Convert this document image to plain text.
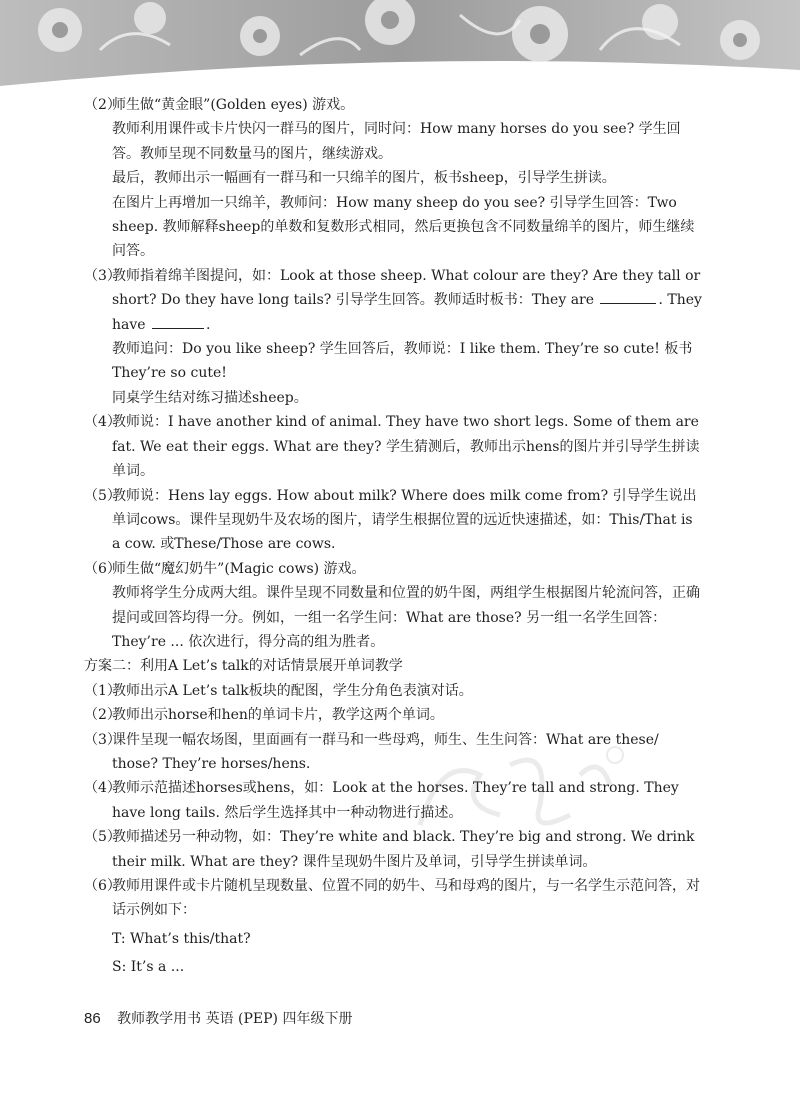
（2）
师生做“黄金眼”(Golden eyes) 游戏。
教师利用课件或卡片快闪一群马的图片，同时问：How many horses do you see? 学生回答。教师呈现不同数量马的图片，继续游戏。
最后，教师出示一幅画有一群马和一只绵羊的图片，板书sheep，引导学生拼读。
在图片上再增加一只绵羊，教师问：How many sheep do you see? 引导学生回答：Two sheep. 教师解释sheep的单数和复数形式相同，然后更换包含不同数量绵羊的图片，师生继续问答。
（3）
教师指着绵羊图提问，如：Look at those sheep. What colour are they? Are they tall or short? Do they have long tails? 引导学生回答。教师适时板书：They are	. They have	.
教师追问：Do you like sheep? 学生回答后，教师说：I like them. They’re so cute! 板书 They’re so cute!
同桌学生结对练习描述sheep。
（4）
教师说：I have another kind of animal. They have two short legs. Some of them are fat. We eat their eggs. What are they? 学生猜测后，教师出示hens的图片并引导学生拼读单词。
（5）
教师说：Hens lay eggs. How about milk? Where does milk come from? 引导学生说出单词cows。课件呈现奶牛及农场的图片，请学生根据位置的远近快速描述，如：This/That is a cow. 或These/Those are cows.
（6）
师生做“魔幻奶牛”(Magic cows) 游戏。
教师将学生分成两大组。课件呈现不同数量和位置的奶牛图，两组学生根据图片轮流问答，正确提问或回答均得一分。例如，一组一名学生问：What are those? 另一组一名学生回答：They’re ... 依次进行，得分高的组为胜者。
方案二：利用A Let’s talk的对话情景展开单词教学
（1）
教师出示A Let’s talk板块的配图，学生分角色表演对话。
（2）
教师出示horse和hen的单词卡片，教学这两个单词。
（3）
课件呈现一幅农场图，里面画有一群马和一些母鸡，师生、生生问答：What are these/ those? They’re horses/hens.
（4）
教师示范描述horses或hens，如：Look at the horses. They’re tall and strong. They have long tails. 然后学生选择其中一种动物进行描述。
（5）
教师描述另一种动物，如：They’re white and black. They’re big and strong. We drink their milk. What are they? 课件呈现奶牛图片及单词，引导学生拼读单词。
（6）
教师用课件或卡片随机呈现数量、位置不同的奶牛、马和母鸡的图片，与一名学生示范问答，对话示例如下：
T: What’s this/that?
S: It’s a ...
86 教师教学用书 英语 (PEP) 四年级下册
